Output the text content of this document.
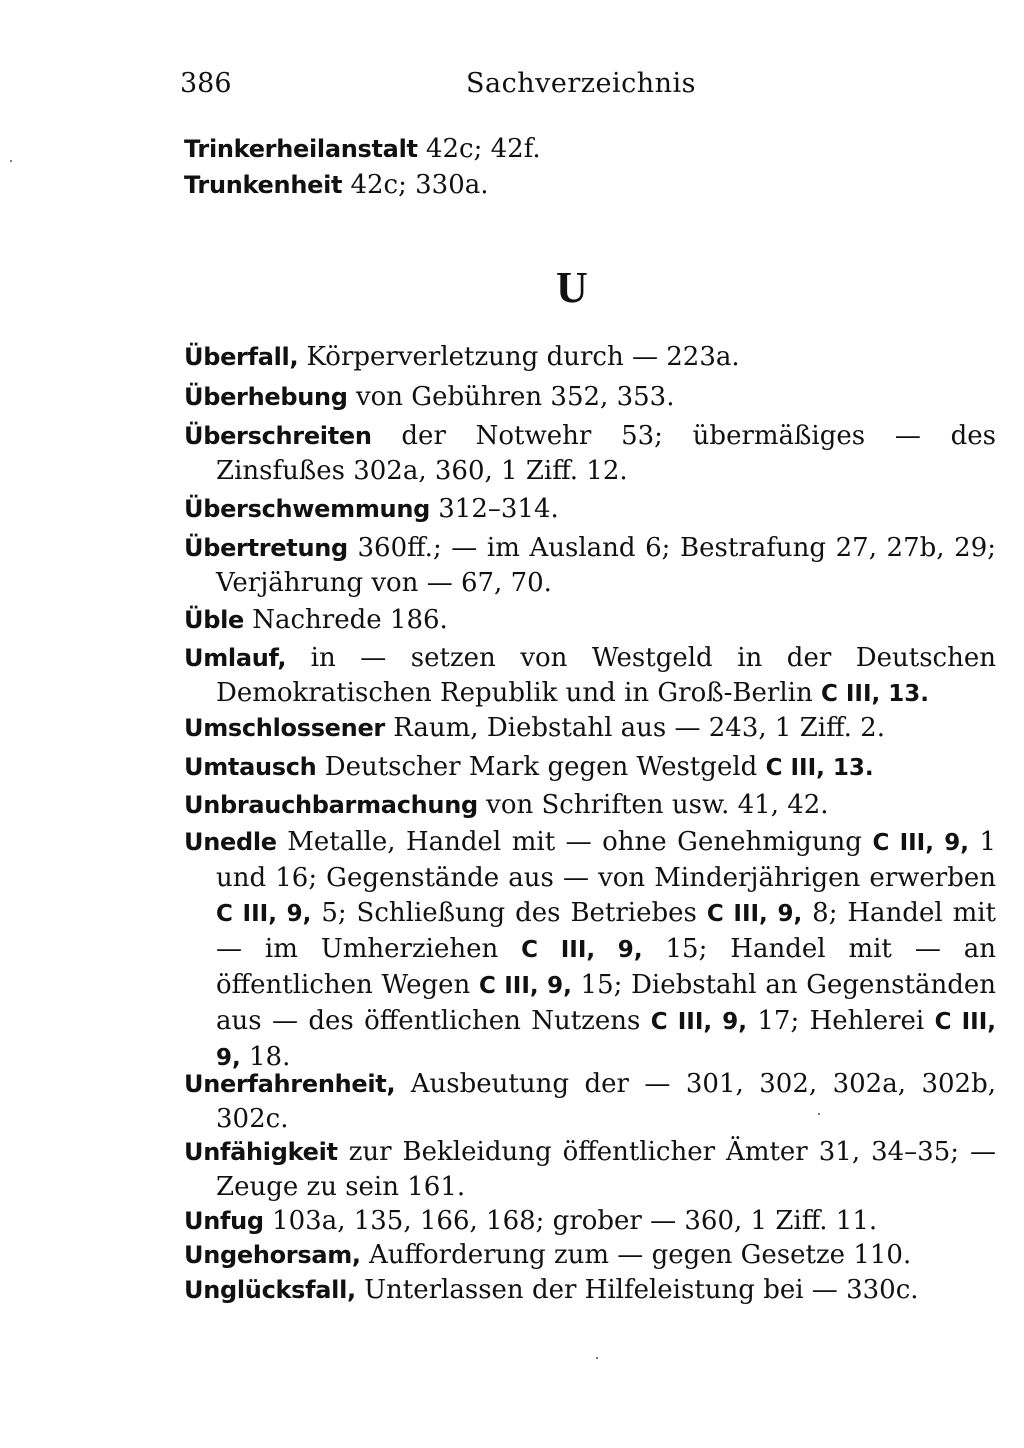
386	Sachverzeichnis
U

Trinkerheilanstalt 42c; 42f.

Trunkenheit 42c; 330a.

Überfall, Körperverletzung durch — 223a.

Überhebung von Gebühren 352, 353.

Überschreiten der Notwehr 53; übermäßiges — des Zinsfußes 302a, 360, 1 Ziff. 12.

Überschwemmung 312–314.

Übertretung 360ff.; — im Ausland 6; Bestrafung 27, 27b, 29; Verjährung von — 67, 70.

Üble Nachrede 186.

Umlauf, in — setzen von Westgeld in der Deutschen Demokratischen Republik und in Groß-Berlin C III, 13.

Umschlossener Raum, Diebstahl aus — 243, 1 Ziff. 2.

Umtausch Deutscher Mark gegen Westgeld C III, 13.

Unbrauchbarmachung von Schriften usw. 41, 42.

Unedle Metalle, Handel mit — ohne Genehmigung C III, 9, 1 und 16; Gegenstände aus — von Minderjährigen erwerben C III, 9, 5; Schließung des Betriebes C III, 9, 8; Handel mit — im Umherziehen C III, 9, 15; Handel mit — an öffentlichen Wegen C III, 9, 15; Diebstahl an Gegenständen aus — des öffentlichen Nutzens C III, 9, 17; Hehlerei C III, 9, 18.

Unerfahrenheit, Ausbeutung der — 301, 302, 302a, 302b, 302c.

Unfähigkeit zur Bekleidung öffentlicher Ämter 31, 34–35; — Zeuge zu sein 161.

Unfug 103a, 135, 166, 168; grober — 360, 1 Ziff. 11.

Ungehorsam, Aufforderung zum — gegen Gesetze 110.

Unglücksfall, Unterlassen der Hilfeleistung bei — 330c.
